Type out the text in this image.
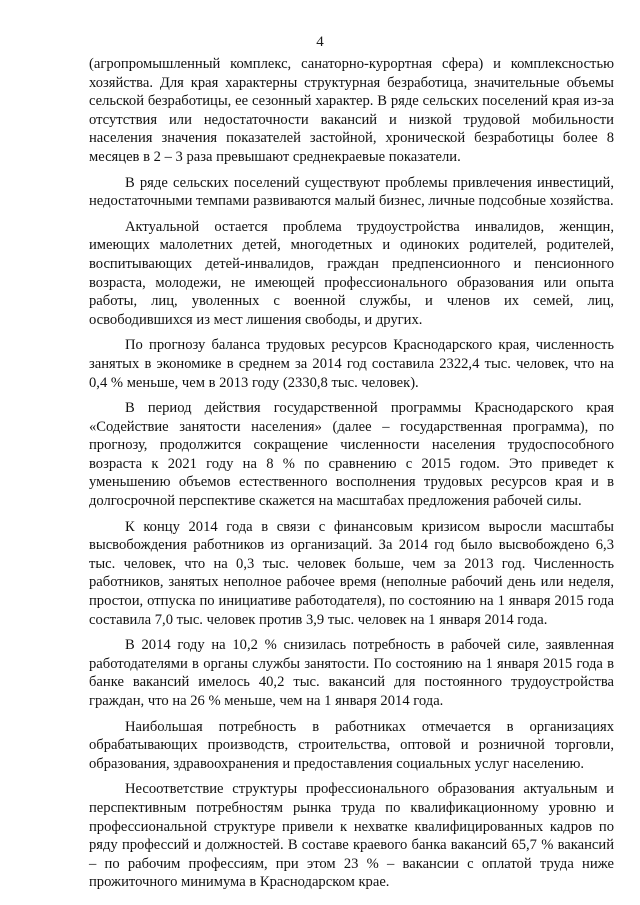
4

(агропромышленный комплекс, санаторно-курортная сфера) и комплексностью хозяйства. Для края характерны структурная безработица, значительные объемы сельской безработицы, ее сезонный характер. В ряде сельских поселений края из-за отсутствия или недостаточности вакансий и низкой трудовой мобильности населения значения показателей застойной, хронической безработицы более 8 месяцев в 2 – 3 раза превышают среднекраевые показатели.

В ряде сельских поселений существуют проблемы привлечения инвестиций, недостаточными темпами развиваются малый бизнес, личные подсобные хозяйства.

Актуальной остается проблема трудоустройства инвалидов, женщин, имеющих малолетних детей, многодетных и одиноких родителей, родителей, воспитывающих детей-инвалидов, граждан предпенсионного и пенсионного возраста, молодежи, не имеющей профессионального образования или опыта работы, лиц, уволенных с военной службы, и членов их семей, лиц, освободившихся из мест лишения свободы, и других.

По прогнозу баланса трудовых ресурсов Краснодарского края, численность занятых в экономике в среднем за 2014 год составила 2322,4 тыс. человек, что на 0,4 % меньше, чем в 2013 году (2330,8 тыс. человек).

В период действия государственной программы Краснодарского края «Содействие занятости населения» (далее – государственная программа), по прогнозу, продолжится сокращение численности населения трудоспособного возраста к 2021 году на 8 % по сравнению с 2015 годом. Это приведет к уменьшению объемов естественного восполнения трудовых ресурсов края и в долгосрочной перспективе скажется на масштабах предложения рабочей силы.

К концу 2014 года в связи с финансовым кризисом выросли масштабы высвобождения работников из организаций. За 2014 год было высвобождено 6,3 тыс. человек, что на 0,3 тыс. человек больше, чем за 2013 год. Численность работников, занятых неполное рабочее время (неполные рабочий день или неделя, простои, отпуска по инициативе работодателя), по состоянию на 1 января 2015 года составила 7,0 тыс. человек против 3,9 тыс. человек на 1 января 2014 года.

В 2014 году на 10,2 % снизилась потребность в рабочей силе, заявленная работодателями в органы службы занятости. По состоянию на 1 января 2015 года в банке вакансий имелось 40,2 тыс. вакансий для постоянного трудоустройства граждан, что на 26 % меньше, чем на 1 января 2014 года.

Наибольшая потребность в работниках отмечается в организациях обрабатывающих производств, строительства, оптовой и розничной торговли, образования, здравоохранения и предоставления социальных услуг населению.

Несоответствие структуры профессионального образования актуальным и перспективным потребностям рынка труда по квалификационному уровню и профессиональной структуре привели к нехватке квалифицированных кадров по ряду профессий и должностей. В составе краевого банка вакансий 65,7 % вакансий – по рабочим профессиям, при этом 23 % – вакансии с оплатой труда ниже прожиточного минимума в Краснодарском крае.
